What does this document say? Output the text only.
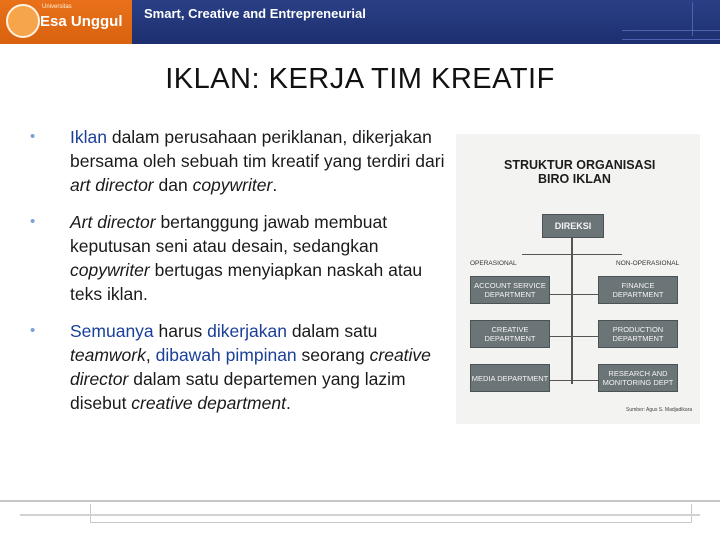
Universitas
Esa Unggul Smart, Creative and Entrepreneurial
IKLAN: KERJA TIM KREATIF
• Iklan dalam perusahaan periklanan, dikerjakan bersama oleh sebuah tim kreatif yang terdiri dari art director dan copywriter.
• Art director bertanggung jawab membuat keputusan seni atau desain, sedangkan copywriter bertugas menyiapkan naskah atau teks iklan.
• Semuanya harus dikerjakan dalam satu teamwork, dibawah pimpinan seorang creative director dalam satu departemen yang lazim disebut creative department.
STRUKTUR ORGANISASI
BIRO IKLAN
DIREKSI
OPERASIONAL	NON-OPERASIONAL
ACCOUNT SERVICE DEPARTMENT
CREATIVE DEPARTMENT
MEDIA DEPARTMENT
FINANCE DEPARTMENT
PRODUCTION DEPARTMENT
RESEARCH AND MONITORING DEPT
Sumber: Agus S. Madjadikara
